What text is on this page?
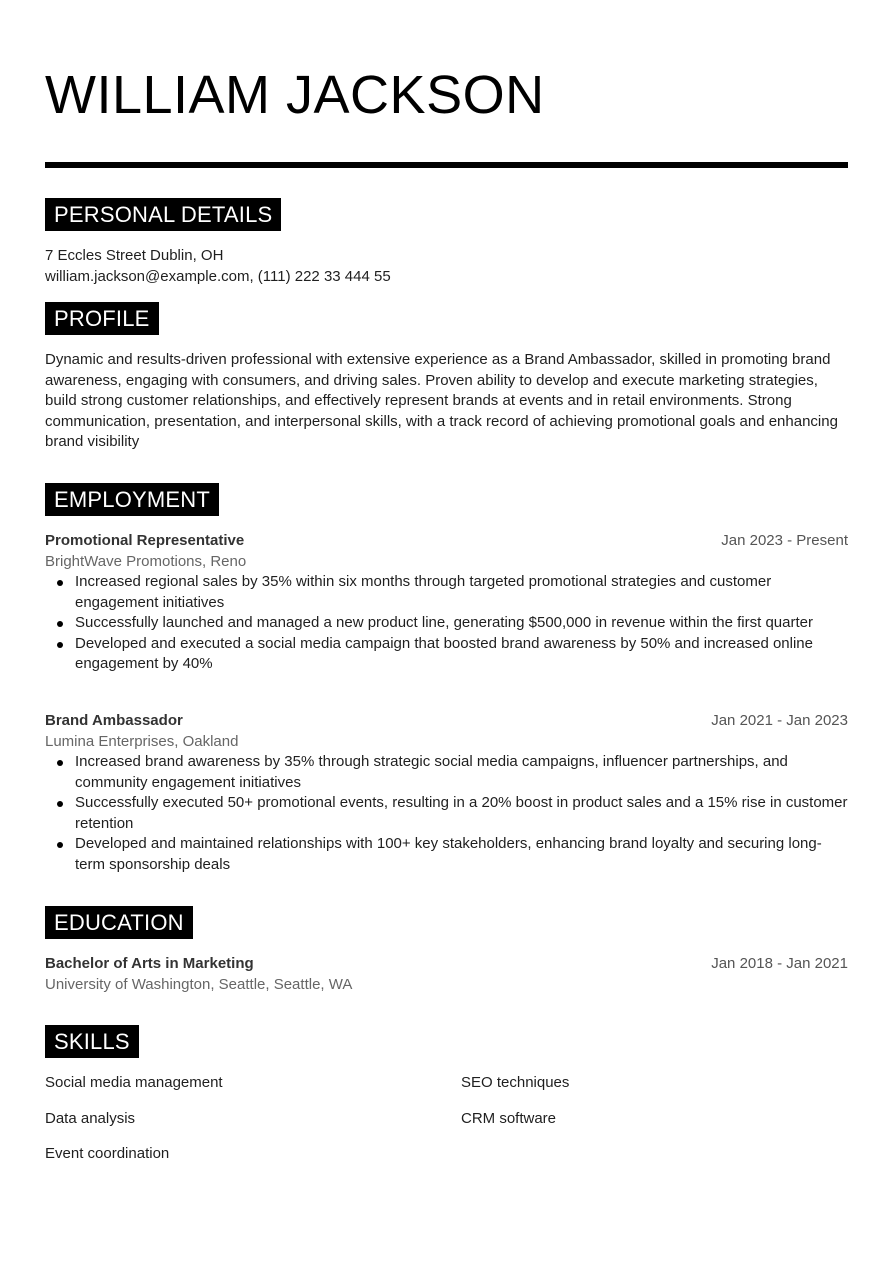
WILLIAM JACKSON
PERSONAL DETAILS
7 Eccles Street Dublin, OH
william.jackson@example.com, (111) 222 33 444 55
PROFILE
Dynamic and results-driven professional with extensive experience as a Brand Ambassador, skilled in promoting brand awareness, engaging with consumers, and driving sales. Proven ability to develop and execute marketing strategies, build strong customer relationships, and effectively represent brands at events and in retail environments. Strong communication, presentation, and interpersonal skills, with a track record of achieving promotional goals and enhancing brand visibility
EMPLOYMENT
Promotional Representative	Jan 2023 - Present
BrightWave Promotions, Reno
Increased regional sales by 35% within six months through targeted promotional strategies and customer engagement initiatives
Successfully launched and managed a new product line, generating $500,000 in revenue within the first quarter
Developed and executed a social media campaign that boosted brand awareness by 50% and increased online engagement by 40%
Brand Ambassador	Jan 2021 - Jan 2023
Lumina Enterprises, Oakland
Increased brand awareness by 35% through strategic social media campaigns, influencer partnerships, and community engagement initiatives
Successfully executed 50+ promotional events, resulting in a 20% boost in product sales and a 15% rise in customer retention
Developed and maintained relationships with 100+ key stakeholders, enhancing brand loyalty and securing long-term sponsorship deals
EDUCATION
Bachelor of Arts in Marketing	Jan 2018 - Jan 2021
University of Washington, Seattle, Seattle, WA
SKILLS
Social media management	SEO techniques
Data analysis	CRM software
Event coordination
